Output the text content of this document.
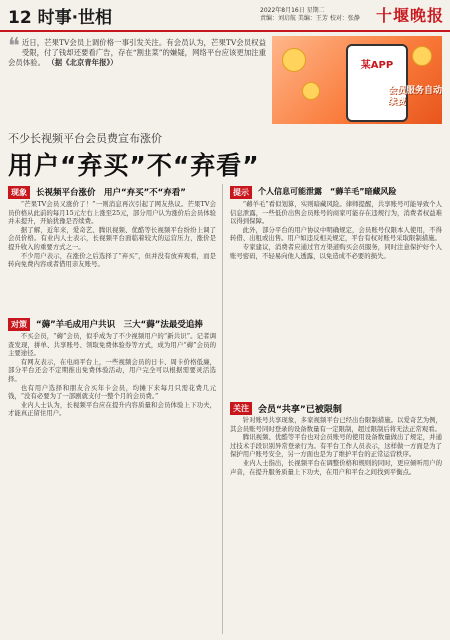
12 时事·世相	2022年8月16日 星期二
责编：刘启航 美编：王芳 校对：张静	十堰晚报
❝ 近日，芒果TV会员上调价格一事引发关注。有会员认为，芒果TV会员权益受限，付了钱却还要看广告，存在“割韭菜”的嫌疑，网络平台应该更加注重会员体验。 （据《北京青年报》）	某APP
会员服务自动续费
不少长视频平台会员费宣布涨价
用户“弃买”不“弃看”
现象	长视频平台涨价　用户“弃买”不“弃看”

“芒果TV会员又涨价了！”一则消息再次引起了网友热议。芒果TV会员价格从此前的每月15元左右上涨至25元，部分用户认为涨价后会员体验并未提升，开始犹豫是否续费。

据了解，近年来，爱奇艺、腾讯视频、优酷等长视频平台纷纷上调了会员价格。有业内人士表示，长视频平台面临着较大的运营压力，涨价是提升收入的重要方式之一。

不少用户表示，在涨价之后选择了“弃买”，但并没有放弃观看，而是转向免费内容或者借用亲友账号。

对策	“薅”羊毛成用户共识　三大“薅”法最受追捧

不买会员，“薅”会员，似乎成为了不少视频用户的“新共识”。记者调查发现，拼单、共享账号、领取免费体验券等方式，成为用户“薅”会员的主要途径。

有网友表示，在电商平台上，一些视频会员的日卡、周卡价格低廉，部分平台还会不定期推出免费体验活动，用户完全可以根据需要灵活选择。

也有用户选择和朋友合买年卡会员，均摊下来每月只需花费几元钱，“没有必要为了一部剧就支付一整个月的会员费。”

业内人士认为，长视频平台应在提升内容质量和会员体验上下功夫，才能真正留住用户。

提示	个人信息可能泄露　“薅羊毛”暗藏风险

“薅羊毛”看似划算，实则暗藏风险。律师提醒，共享账号可能导致个人信息泄露，一些低价出售会员账号的商家可能存在违规行为，消费者权益难以得到保障。

此外，部分平台的用户协议中明确规定，会员账号仅限本人使用，不得转借、出租或出售。用户如违反相关规定，平台有权对账号采取限制措施。

专家建议，消费者应通过官方渠道购买会员服务，同时注意保护好个人账号密码，不轻易向他人透露，以免造成不必要的损失。

关注	会员“共享”已被限制

针对账号共享现象，多家视频平台已经出台限制措施。以爱奇艺为例，其会员账号同时登录的设备数量有一定限制，超过限制后将无法正常观看。

腾讯视频、优酷等平台也对会员账号的使用设备数量做出了规定，并通过技术手段识别异常登录行为。有平台工作人员表示，这样做一方面是为了保护用户账号安全，另一方面也是为了维护平台的正常运营秩序。

业内人士指出，长视频平台在调整价格和规则的同时，更应倾听用户的声音，在提升服务质量上下功夫，在用户和平台之间找到平衡点。
